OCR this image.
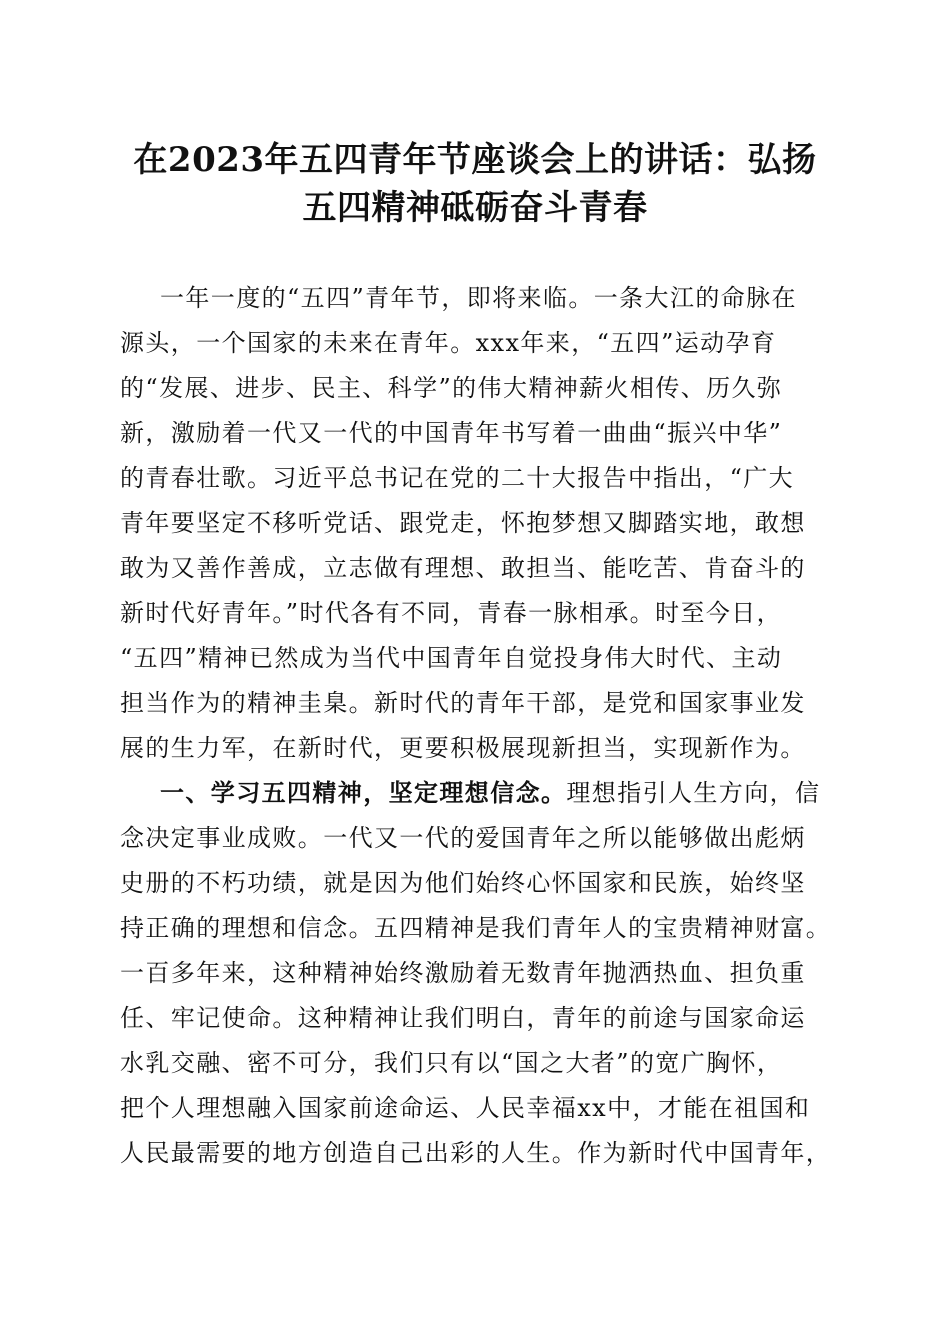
在2023年五四青年节座谈会上的讲话：弘扬
五四精神砥砺奋斗青春
一年一度的“五四”青年节，即将来临。一条大江的命脉在
源头，一个国家的未来在青年。xxx年来，“五四”运动孕育
的“发展、进步、民主、科学”的伟大精神薪火相传、历久弥
新，激励着一代又一代的中国青年书写着一曲曲“振兴中华”
的青春壮歌。习近平总书记在党的二十大报告中指出，“广大
青年要坚定不移听党话、跟党走，怀抱梦想又脚踏实地，敢想
敢为又善作善成，立志做有理想、敢担当、能吃苦、肯奋斗的
新时代好青年。”时代各有不同，青春一脉相承。时至今日，
“五四”精神已然成为当代中国青年自觉投身伟大时代、主动
担当作为的精神圭臬。新时代的青年干部，是党和国家事业发
展的生力军，在新时代，更要积极展现新担当，实现新作为。
一、学习五四精神，坚定理想信念。理想指引人生方向，信
念决定事业成败。一代又一代的爱国青年之所以能够做出彪炳
史册的不朽功绩，就是因为他们始终心怀国家和民族，始终坚
持正确的理想和信念。五四精神是我们青年人的宝贵精神财富。
一百多年来，这种精神始终激励着无数青年抛洒热血、担负重
任、牢记使命。这种精神让我们明白，青年的前途与国家命运
水乳交融、密不可分，我们只有以“国之大者”的宽广胸怀，
把个人理想融入国家前途命运、人民幸福xx中，才能在祖国和
人民最需要的地方创造自己出彩的人生。作为新时代中国青年，
